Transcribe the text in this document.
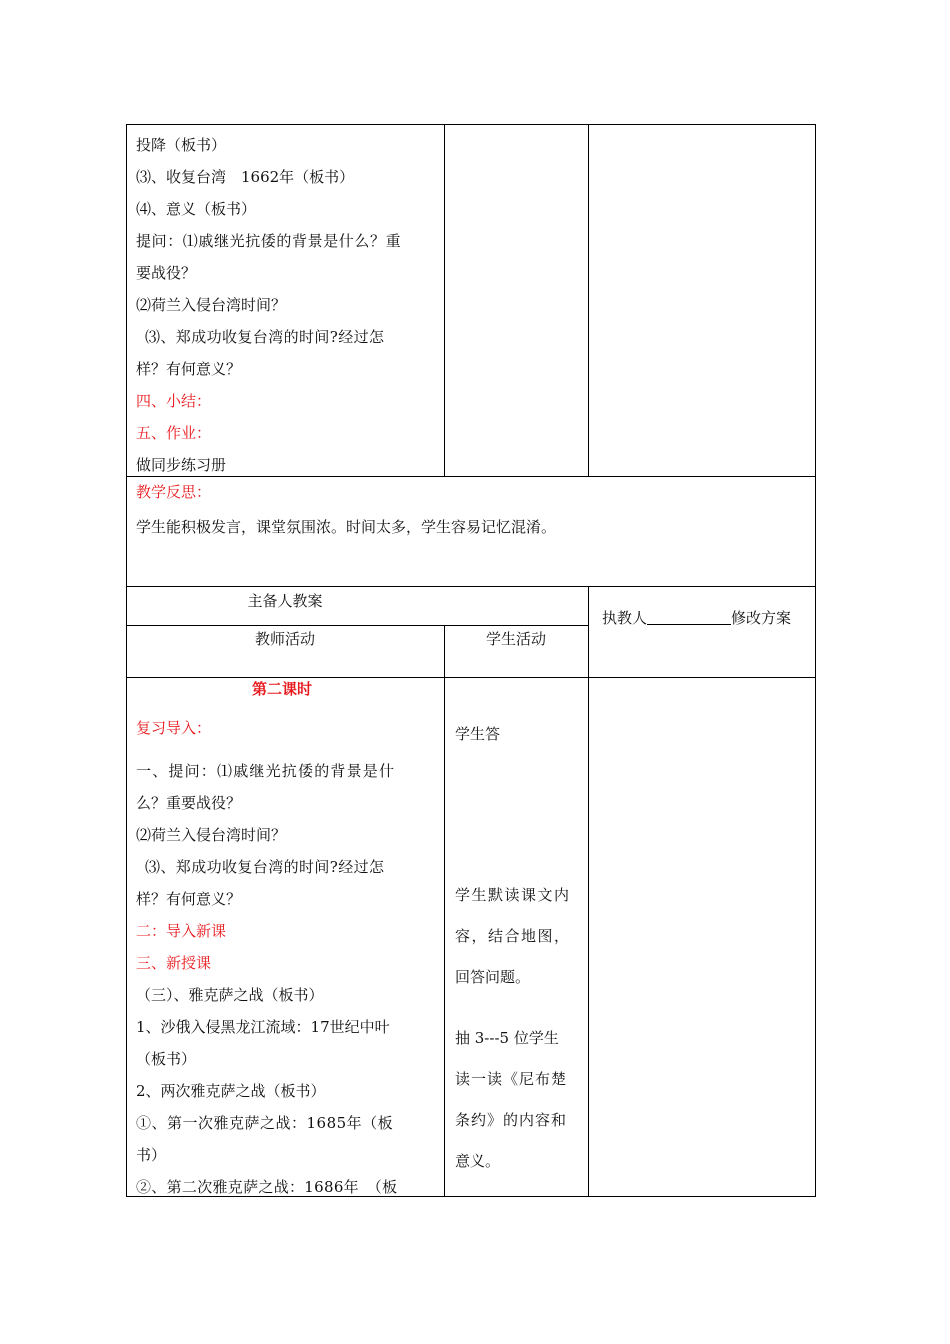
投降（板书）
⑶、收复台湾　1662年（板书）
⑷、意义（板书）
提问：⑴戚继光抗倭的背景是什么？重
要战役？
⑵荷兰入侵台湾时间？
⑶、郑成功收复台湾的时间?经过怎
样？有何意义？
四、小结：
五、作业：
做同步练习册
教学反思：
学生能积极发言，课堂氛围浓。时间太多，学生容易记忆混淆。
主备人教案
执教人	修改方案
教师活动	学生活动
第二课时
复习导入：
一、提问：⑴戚继光抗倭的背景是什
么？重要战役？
⑵荷兰入侵台湾时间？
⑶、郑成功收复台湾的时间?经过怎
样？有何意义？
二：导入新课
三、新授课
（三）、雅克萨之战（板书）
1、沙俄入侵黑龙江流域：17世纪中叶
（板书）
2、两次雅克萨之战（板书）
①、第一次雅克萨之战：1685年（板
书）
②、第二次雅克萨之战：1686年　（板
学生答
学生默读课文内
容，结合地图，
回答问题。
抽 3---5 位学生
读一读《尼布楚
条约》的内容和
意义。
